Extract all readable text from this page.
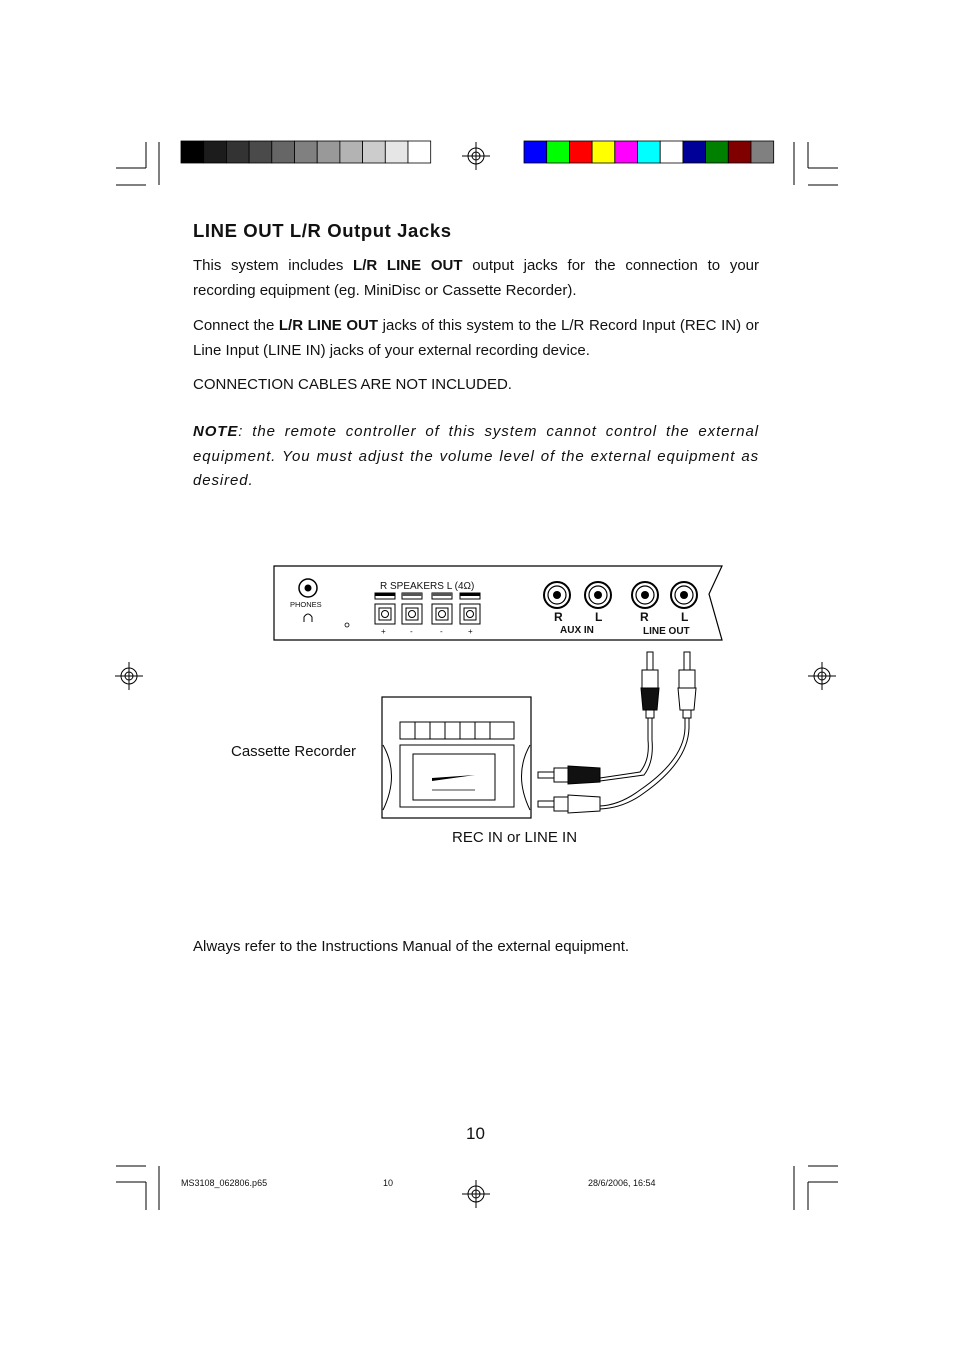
LINE OUT L/R Output Jacks

This system includes L/R LINE OUT output jacks for the connection to your recording equipment (eg. MiniDisc or Cassette Recorder).

Connect the L/R LINE OUT jacks of this system to the L/R Record Input (REC IN) or Line Input (LINE IN) jacks of your external recording device.

CONNECTION CABLES ARE NOT INCLUDED.

NOTE: the remote controller of this system cannot control the external equipment. You must adjust the volume level of the external equipment as desired.

PHONES
R SPEAKERS L (4Ω)
+	-	-	+
R	L
AUX IN
R	L
LINE OUT
Cassette Recorder
REC IN or LINE IN

Always refer to the Instructions Manual of the external equipment.

10
MS3108_062806.p65	10	28/6/2006, 16:54
